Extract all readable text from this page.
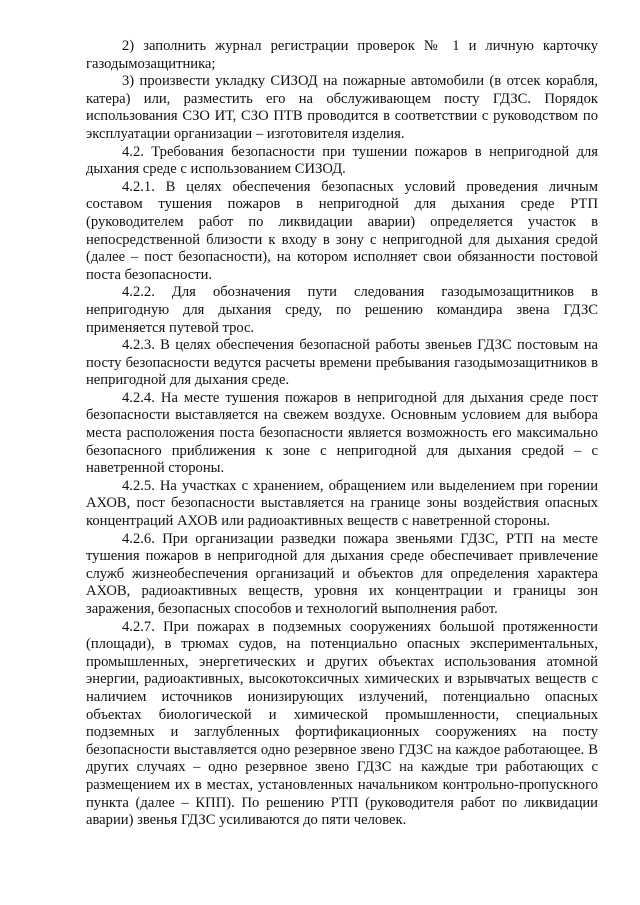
2) заполнить журнал регистрации проверок № 1 и личную карточку газодымозащитника;

3) произвести укладку СИЗОД на пожарные автомобили (в отсек корабля, катера) или, разместить его на обслуживающем посту ГДЗС. Порядок использования СЗО ИТ, СЗО ПТВ проводится в соответствии с руководством по эксплуатации организации – изготовителя изделия.

4.2. Требования безопасности при тушении пожаров в непригодной для дыхания среде с использованием СИЗОД.

4.2.1. В целях обеспечения безопасных условий проведения личным составом тушения пожаров в непригодной для дыхания среде РТП (руководителем работ по ликвидации аварии) определяется участок в непосредственной близости к входу в зону с непригодной для дыхания средой (далее – пост безопасности), на котором исполняет свои обязанности постовой поста безопасности.

4.2.2. Для обозначения пути следования газодымозащитников в непригодную для дыхания среду, по решению командира звена ГДЗС применяется путевой трос.

4.2.3. В целях обеспечения безопасной работы звеньев ГДЗС постовым на посту безопасности ведутся расчеты времени пребывания газодымозащитников в непригодной для дыхания среде.

4.2.4. На месте тушения пожаров в непригодной для дыхания среде пост безопасности выставляется на свежем воздухе. Основным условием для выбора места расположения поста безопасности является возможность его максимально безопасного приближения к зоне с непригодной для дыхания средой – с наветренной стороны.

4.2.5. На участках с хранением, обращением или выделением при горении АХОВ, пост безопасности выставляется на границе зоны воздействия опасных концентраций АХОВ или радиоактивных веществ с наветренной стороны.

4.2.6. При организации разведки пожара звеньями ГДЗС, РТП на месте тушения пожаров в непригодной для дыхания среде обеспечивает привлечение служб жизнеобеспечения организаций и объектов для определения характера АХОВ, радиоактивных веществ, уровня их концентрации и границы зон заражения, безопасных способов и технологий выполнения работ.

4.2.7. При пожарах в подземных сооружениях большой протяженности (площади), в трюмах судов, на потенциально опасных экспериментальных, промышленных, энергетических и других объектах использования атомной энергии, радиоактивных, высокотоксичных химических и взрывчатых веществ с наличием источников ионизирующих излучений, потенциально опасных объектах биологической и химической промышленности, специальных подземных и заглубленных фортификационных сооружениях на посту безопасности выставляется одно резервное звено ГДЗС на каждое работающее. В других случаях – одно резервное звено ГДЗС на каждые три работающих с размещением их в местах, установленных начальником контрольно-пропускного пункта (далее – КПП). По решению РТП (руководителя работ по ликвидации аварии) звенья ГДЗС усиливаются до пяти человек.
